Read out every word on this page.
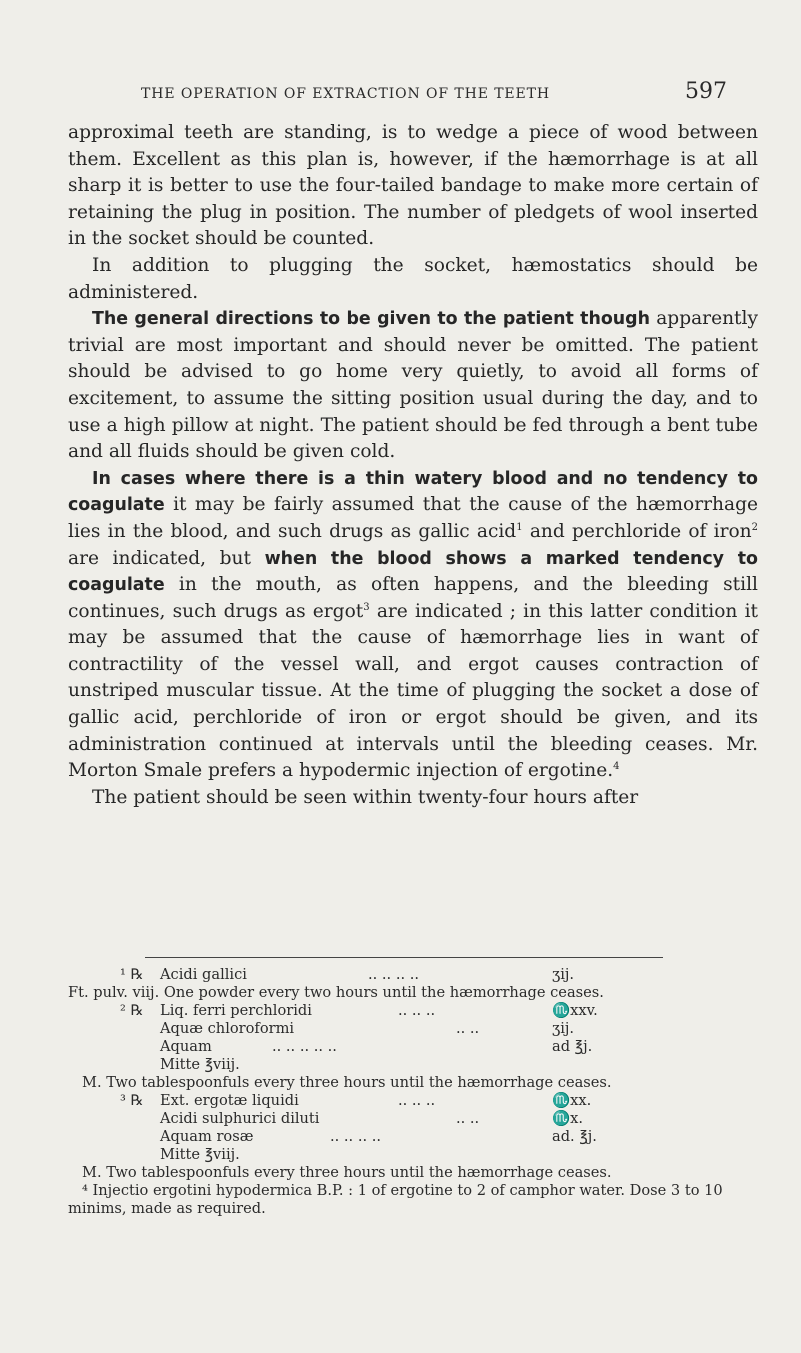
THE OPERATION OF EXTRACTION OF THE TEETH	597

approximal teeth are standing, is to wedge a piece of wood between them. Excellent as this plan is, however, if the hæmorrhage is at all sharp it is better to use the four-tailed bandage to make more certain of retaining the plug in position. The number of pledgets of wool inserted in the socket should be counted.

In addition to plugging the socket, hæmostatics should be administered.

The general directions to be given to the patient though apparently trivial are most important and should never be omitted. The patient should be advised to go home very quietly, to avoid all forms of excitement, to assume the sitting position usual during the day, and to use a high pillow at night. The patient should be fed through a bent tube and all fluids should be given cold.

In cases where there is a thin watery blood and no tendency to coagulate it may be fairly assumed that the cause of the hæmorrhage lies in the blood, and such drugs as gallic acid$^1$ and perchloride of iron$^2$ are indicated, but when the blood shows a marked tendency to coagulate in the mouth, as often happens, and the bleeding still continues, such drugs as ergot$^3$ are indicated ; in this latter condition it may be assumed that the cause of hæmorrhage lies in want of contractility of the vessel wall, and ergot causes contraction of unstriped muscular tissue. At the time of plugging the socket a dose of gallic acid, perchloride of iron or ergot should be given, and its administration continued at intervals until the bleeding ceases. Mr. Morton Smale prefers a hypodermic injection of ergotine.$^4$

The patient should be seen within twenty-four hours after

¹ ℞ Acidi gallici	.. .. .. ..	ʒij.
Ft. pulv. viij. One powder every two hours until the hæmorrhage ceases.
² ℞ Liq. ferri perchloridi	.. .. ..	♏xxv.
Aquæ chloroformi	.. ..	ʒij.
Aquam	.. .. .. .. ..	ad ℥j.
Mitte ℥viij.
M. Two tablespoonfuls every three hours until the hæmorrhage ceases.
³ ℞ Ext. ergotæ liquidi	.. .. ..	♏xx.
Acidi sulphurici diluti	.. ..	♏x.
Aquam rosæ	.. .. .. ..	ad. ℥j.
Mitte ℥viij.
M. Two tablespoonfuls every three hours until the hæmorrhage ceases.
⁴ Injectio ergotini hypodermica B.P. : 1 of ergotine to 2 of camphor water. Dose 3 to 10 minims, made as required.
